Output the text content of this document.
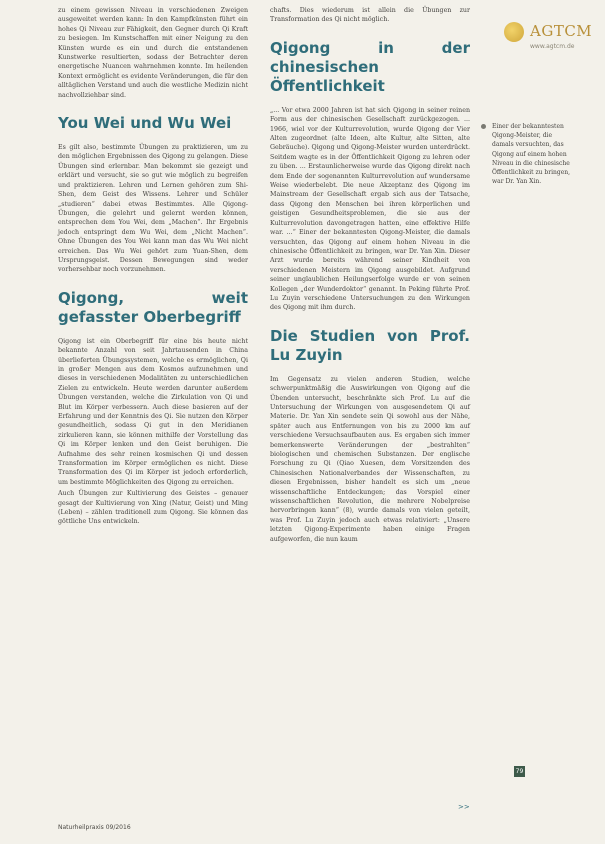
AGTCM
www.agtcm.de

zu einem gewissen Niveau in verschiedenen Zweigen ausgeweitet werden kann: In den Kampfkünsten führt ein hohes Qi Niveau zur Fähigkeit, den Gegner durch Qi Kraft zu besiegen. Im Kunstschaffen mit einer Neigung zu den Künsten wurde es ein und durch die entstandenen Kunstwerke resultierten, sodass der Betrachter deren energetische Nuancen wahrnehmen konnte. Im heilenden Kontext ermöglicht es evidente Veränderungen, die für den alltäglichen Verstand und auch die westliche Medizin nicht nachvollziehbar sind.

You Wei und Wu Wei

Es gilt also, bestimmte Übungen zu praktizieren, um zu den möglichen Ergebnissen des Qigong zu gelangen. Diese Übungen sind erlernbar. Man bekommt sie gezeigt und erklärt und versucht, sie so gut wie möglich zu begreifen und praktizieren. Lehren und Lernen gehören zum Shi-Shen, dem Geist des Wissens. Lehrer und Schüler „studieren“ dabei etwas Bestimmtes. Alle Qigong-Übungen, die gelehrt und gelernt werden können, entsprechen dem You Wei, dem „Machen“. Ihr Ergebnis jedoch entspringt dem Wu Wei, dem „Nicht Machen“. Ohne Übungen des You Wei kann man das Wu Wei nicht erreichen. Das Wu Wei gehört zum Yuan-Shen, dem Ursprungsgeist. Dessen Bewegungen sind weder vorhersehbar noch vorzunehmen.

Qigong, weit gefasster Oberbegriff

Qigong ist ein Oberbegriff für eine bis heute nicht bekannte Anzahl von seit Jahrtausenden in China überlieferten Übungssystemen, welche es ermöglichen, Qi in großer Mengen aus dem Kosmos aufzunehmen und dieses in verschiedenen Modalitäten zu unterschiedlichen Zielen zu entwickeln. Heute werden darunter außerdem Übungen verstanden, welche die Zirkulation von Qi und Blut im Körper verbessern. Auch diese basieren auf der Erfahrung und der Kenntnis des Qi. Sie nutzen den Körper gesundheitlich, sodass Qi gut in den Meridianen zirkulieren kann, sie können mithilfe der Vorstellung das Qi im Körper lenken und den Geist beruhigen. Die Aufnahme des sehr reinen kosmischen Qi und dessen Transformation im Körper ermöglichen es nicht. Diese Transformation des Qi im Körper ist jedoch erforderlich, um bestimmte Möglichkeiten des Qigong zu erreichen.

Auch Übungen zur Kultivierung des Geistes – genauer gesagt der Kultivierung von Xing (Natur, Geist) und Ming (Leben) – zählen traditionell zum Qigong. Sie können das göttliche Uns entwickeln.

chafts. Dies wiederum ist allein die Übungen zur Transformation des Qi nicht möglich.

Qigong in der chinesischen Öffentlichkeit

„... Vor etwa 2000 Jahren ist hat sich Qigong in seiner reinen Form aus der chinesischen Gesellschaft zurückgezogen. ... 1966, wiel vor der Kulturrevolution, wurde Qigong der Vier Alten zugeordnet (alte Ideen, alte Kultur, alte Sitten, alte Gebräuche). Qigong und Qigong-Meister wurden unterdrückt. Seitdem wagte es in der Öffentlichkeit Qigong zu lehren oder zu üben. ... Erstaunlicherweise wurde das Qigong direkt nach dem Ende der sogenannten Kulturrevolution auf wundersame Weise wiederbelebt. Die neue Akzeptanz des Qigong im Mainstream der Gesellschaft ergab sich aus der Tatsache, dass Qigong den Menschen bei ihren körperlichen und geistigen Gesundheitsproblemen, die sie aus der Kulturrevolution davongetragen hatten, eine effektive Hilfe war. ...“ Einer der bekanntesten Qigong-Meister, die damals versuchten, das Qigong auf einem hohen Niveau in die chinesische Öffentlichkeit zu bringen, war Dr. Yan Xin. Dieser Arzt wurde bereits während seiner Kindheit von verschiedenen Meistern im Qigong ausgebildet. Aufgrund seiner unglaublichen Heilungserfolge wurde er von seinen Kollegen „der Wunderdoktor“ genannt. In Peking führte Prof. Lu Zuyin verschiedene Untersuchungen zu den Wirkungen des Qigong mit ihm durch.

Die Studien von Prof. Lu Zuyin

Im Gegensatz zu vielen anderen Studien, welche schwerpunktmäßig die Auswirkungen von Qigong auf die Übenden untersucht, beschränkte sich Prof. Lu auf die Untersuchung der Wirkungen von ausgesendetem Qi auf Materie. Dr. Yan Xin sendete sein Qi sowohl aus der Nähe, später auch aus Entfernungen von bis zu 2000 km auf verschiedene Versuchsaufbauten aus. Es ergaben sich immer bemerkenswerte Veränderungen der „bestrahlten“ biologischen und chemischen Substanzen. Der englische Forschung zu Qi (Qiao Xuesen, dem Vorsitzenden des Chinesischen Nationalverbandes der Wissenschaften, zu diesen Ergebnissen, bisher handelt es sich um „neue wissenschaftliche Entdeckungen; das Vorspiel einer wissenschaftlichen Revolution, die mehrere Nobelpreise hervorbringen kann“ (8), wurde damals von vielen geteilt, was Prof. Lu Zuyin jedoch auch etwas relativiert: „Unsere letzten Qigong-Experimente haben einige Fragen aufgeworfen, die nun kaum

Einer der bekanntesten Qigong-Meister, die damals versuchten, das Qigong auf einem hohen Niveau in die chinesische Öffentlichkeit zu bringen, war Dr. Yan Xin.
>>
79
Naturheilpraxis 09/2016
